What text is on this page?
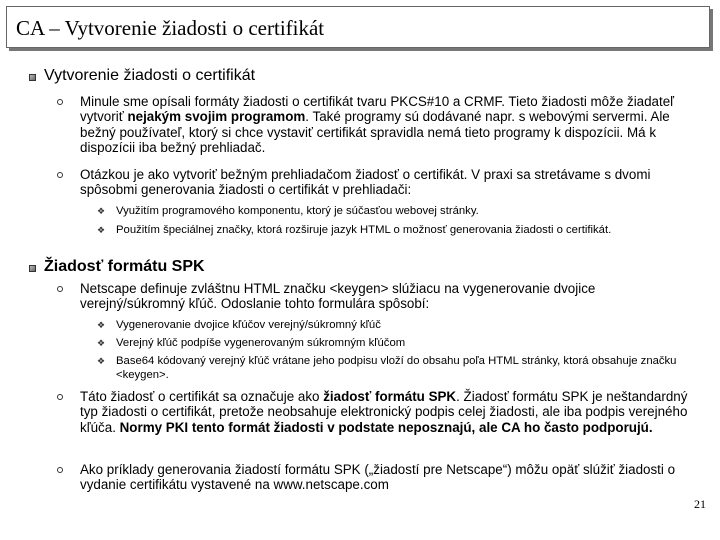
CA – Vytvorenie žiadosti o certifikát
Vytvorenie žiadosti o certifikát
Minule sme opísali formáty žiadosti o certifikát tvaru PKCS#10 a CRMF. Tieto žiadosti môže žiadateľ vytvoriť nejakým svojim programom. Také programy sú dodávané napr. s webovými servermi. Ale bežný používateľ, ktorý si chce vystaviť certifikát spravidla nemá tieto programy k dispozícii. Má k dispozícii iba bežný prehliadač.
Otázkou je ako vytvoriť bežným prehliadačom žiadosť o certifikát. V praxi sa stretávame s dvomi spôsobmi generovania žiadosti o certifikát v prehliadači:
❖ Využitím programového komponentu, ktorý je súčasťou webovej stránky.
❖ Použitím špeciálnej značky, ktorá rozširuje jazyk HTML o možnosť generovania žiadosti o certifikát.
Žiadosť formátu SPK
Netscape definuje zvláštnu HTML značku <keygen> slúžiacu na vygenerovanie dvojice verejný/súkromný kľúč. Odoslanie tohto formulára spôsobí:
❖ Vygenerovanie dvojice kľúčov verejný/súkromný kľúč
❖ Verejný kľúč podpíše vygenerovaným súkromným kľúčom
❖ Base64 kódovaný verejný kľúč vrátane jeho podpisu vloží do obsahu poľa HTML stránky, ktorá obsahuje značku <keygen>.
Táto žiadosť o certifikát sa označuje ako žiadosť formátu SPK. Žiadosť formátu SPK je neštandardný typ žiadosti o certifikát, pretože neobsahuje elektronický podpis celej žiadosti, ale iba podpis verejného kľúča. Normy PKI tento formát žiadosti v podstate neposznajú, ale CA ho často podporujú.
Ako príklady generovania žiadostí formátu SPK („žiadostí pre Netscape“) môžu opäť slúžiť žiadosti o vydanie certifikátu vystavené na www.netscape.com
21
